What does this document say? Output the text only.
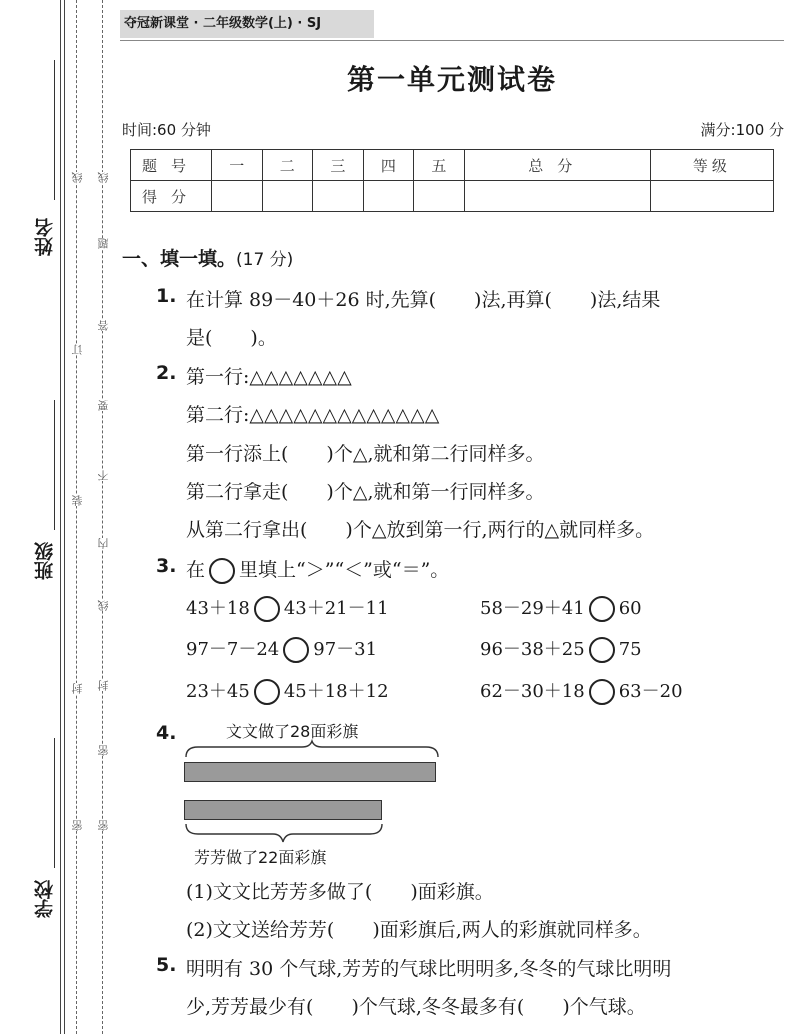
姓名
班级
学校
密
密
封
线
内
不
要
答
题
线
密
封
装
订
线
夺冠新课堂 · 二年级数学(上) · SJ
第一单元测试卷
时间:60 分钟	满分:100 分
题号	一	二	三	四	五	总分	等级
得分							
一、填一填。(17 分)
1. 在计算 89－40＋26 时,先算(　　)法,再算(　　)法,结果
是(　　)。
2. 第一行:△△△△△△△
第二行:△△△△△△△△△△△△△
第一行添上(　　)个△,就和第二行同样多。
第二行拿走(　　)个△,就和第一行同样多。
从第二行拿出(　　)个△放到第一行,两行的△就同样多。
3. 在 里填上“＞”“＜”或“＝”。
43＋18 43＋21－11	58－29＋41 60
97－7－24 97－31	96－38＋25 75
23＋45 45＋18＋12	62－30＋18 63－20
4.	文文做了28面彩旗
芳芳做了22面彩旗
(1)文文比芳芳多做了(　　)面彩旗。
(2)文文送给芳芳(　　)面彩旗后,两人的彩旗就同样多。
5. 明明有 30 个气球,芳芳的气球比明明多,冬冬的气球比明明
少,芳芳最少有(　　)个气球,冬冬最多有(　　)个气球。
